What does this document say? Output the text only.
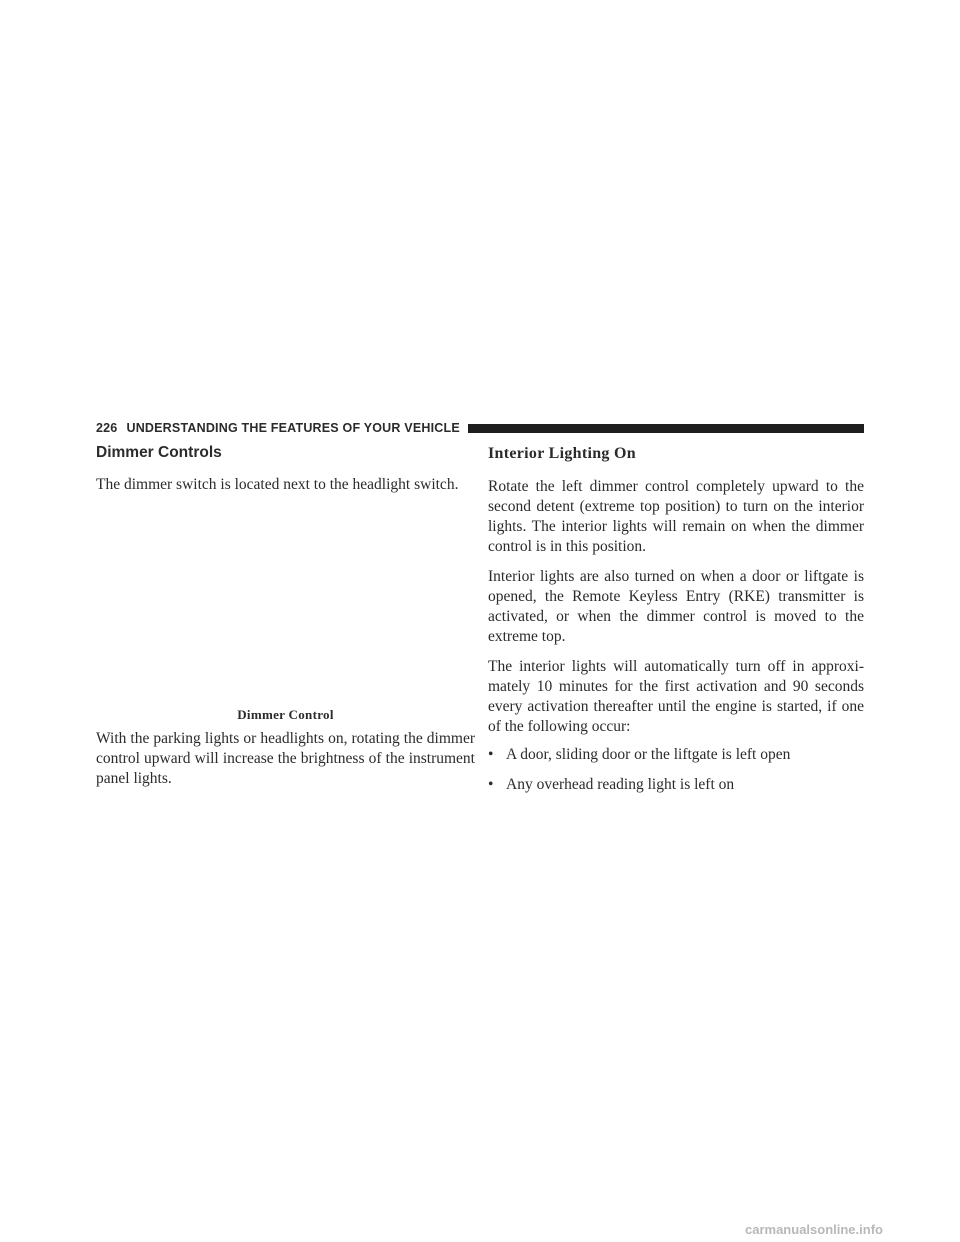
226 UNDERSTANDING THE FEATURES OF YOUR VEHICLE
Dimmer Controls

The dimmer switch is located next to the headlight switch.

Dimmer Control

With the parking lights or headlights on, rotating the dimmer control upward will increase the brightness of the instrument panel lights.

Interior Lighting On

Rotate the left dimmer control completely upward to the second detent (extreme top position) to turn on the interior lights. The interior lights will remain on when the dimmer control is in this position.

Interior lights are also turned on when a door or liftgate is opened, the Remote Keyless Entry (RKE) transmitter is activated, or when the dimmer control is moved to the extreme top.

The interior lights will automatically turn off in approxi-mately 10 minutes for the first activation and 90 seconds every activation thereafter until the engine is started, if one of the following occur:

• A door, sliding door or the liftgate is left open
• Any overhead reading light is left on
carmanualsonline.info
